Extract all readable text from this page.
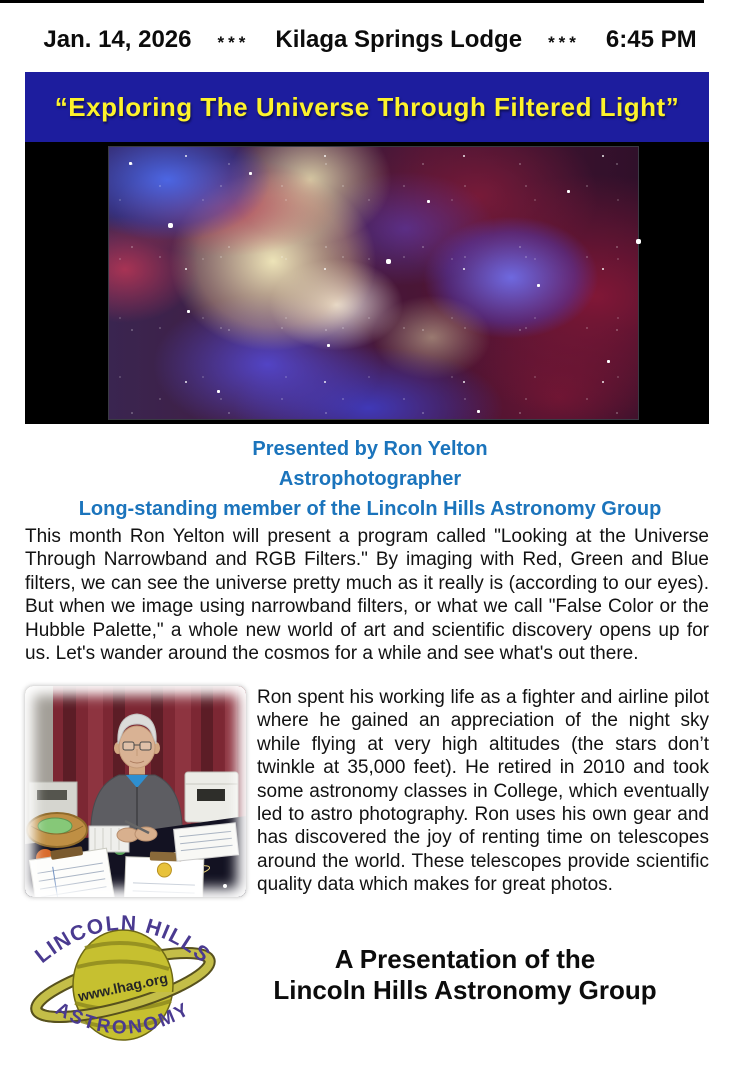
Jan. 14, 2026 *** Kilaga Springs Lodge *** 6:45 PM
“Exploring The Universe Through Filtered Light”
Presented by Ron Yelton
Astrophotographer
Long-standing member of the Lincoln Hills Astronomy Group

This month Ron Yelton will present a program called "Looking at the Universe Through Narrowband and RGB Filters." By imaging with Red, Green and Blue filters, we can see the universe pretty much as it really is (according to our eyes). But when we image using narrowband filters, or what we call "False Color or the Hubble Palette," a whole new world of art and scientific discovery opens up for us. Let's wander around the cosmos for a while and see what's out there.

Ron spent his working life as a fighter and airline pilot where he gained an appreciation of the night sky while flying at very high altitudes (the stars don’t twinkle at 35,000 feet). He retired in 2010 and took some astronomy classes in College, which eventually led to astro photography. Ron uses his own gear and has discovered the joy of renting time on telescopes around the world. These telescopes provide scientific quality data which makes for great photos.

www.lhag.org
LINCOLN HILLS
ASTRONOMY
A Presentation of the
Lincoln Hills Astronomy Group
